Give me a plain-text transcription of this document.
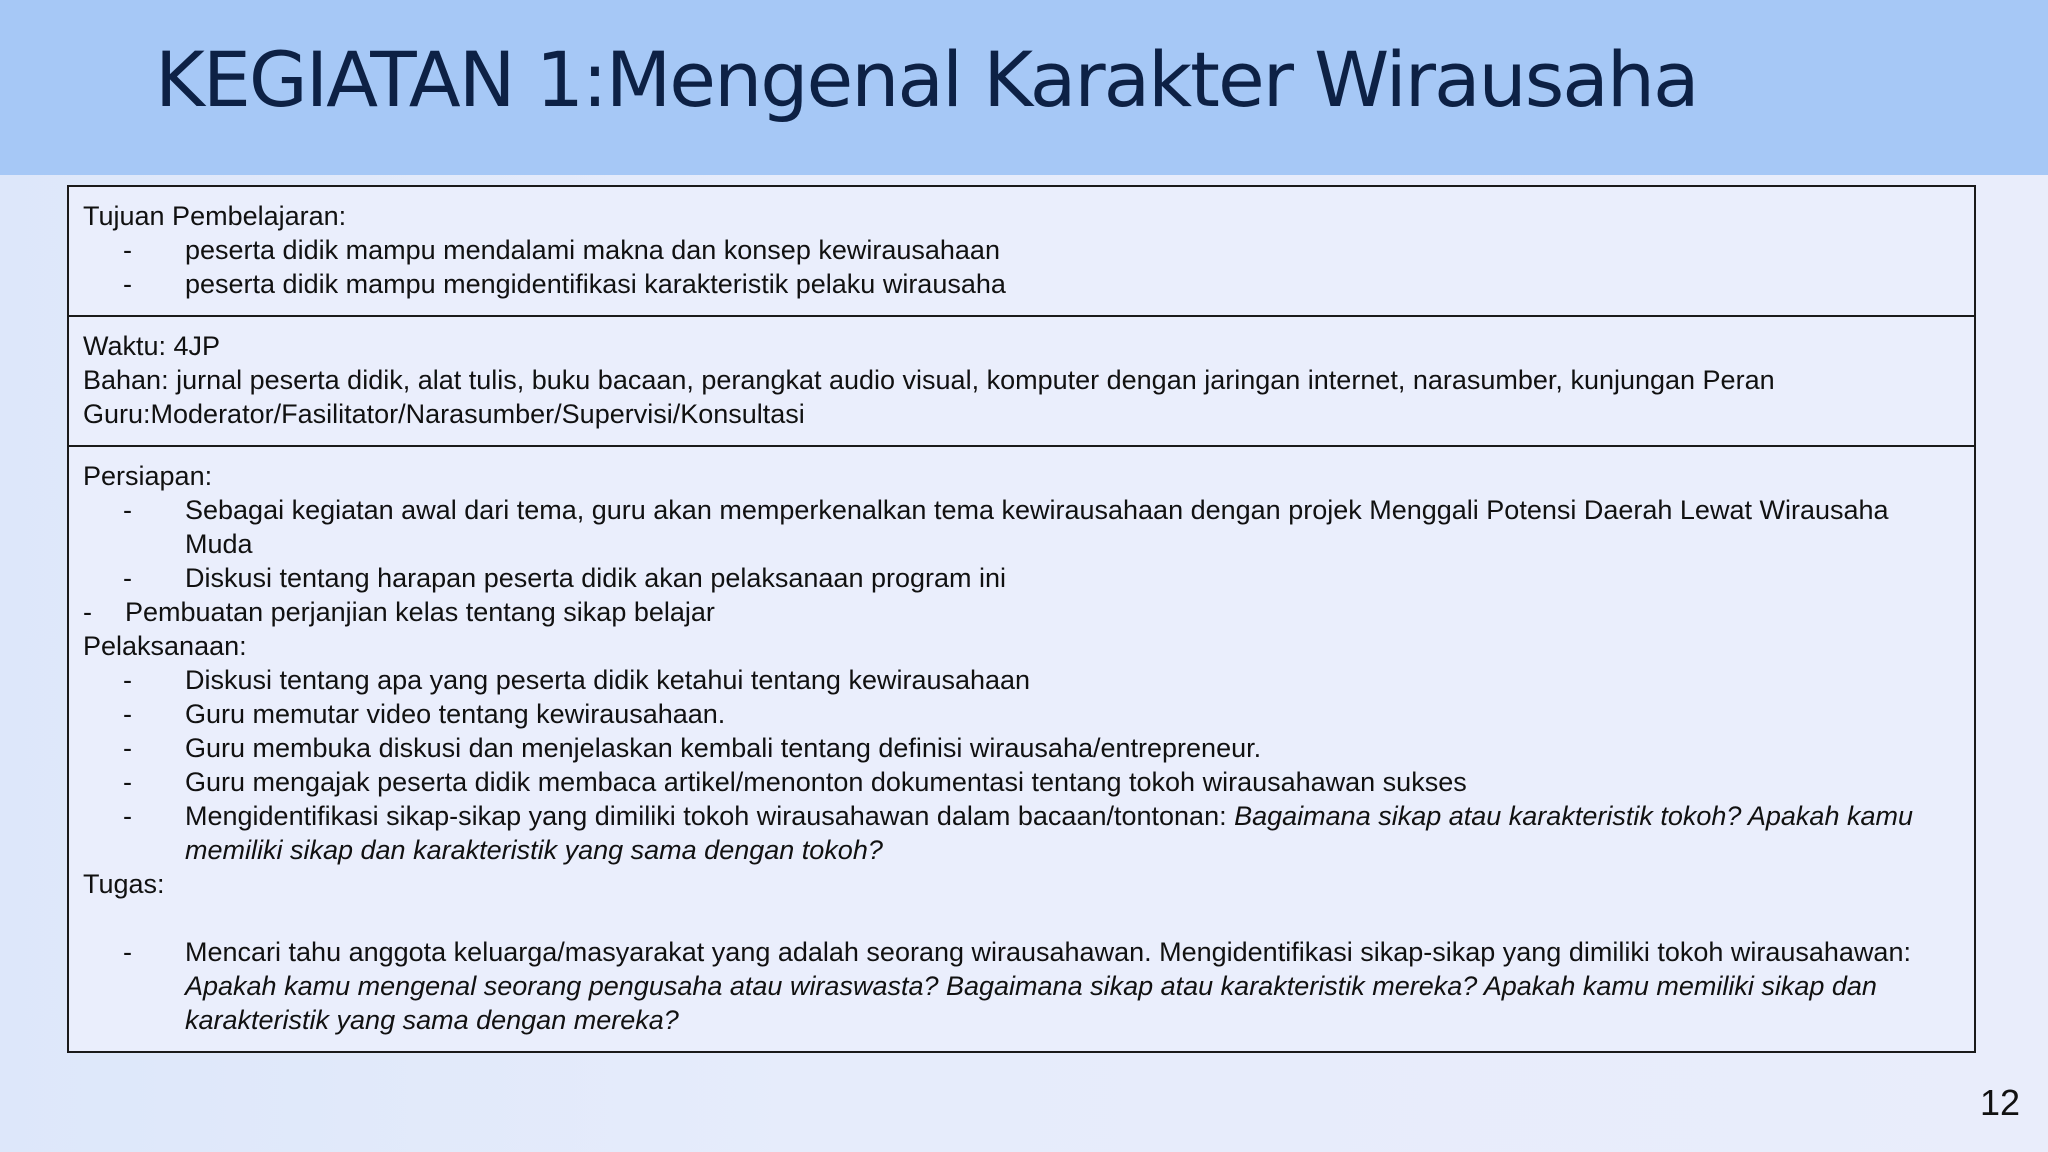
KEGIATAN 1:Mengenal Karakter Wirausaha
Tujuan Pembelajaran:
- peserta didik mampu mendalami makna dan konsep kewirausahaan
- peserta didik mampu mengidentifikasi karakteristik pelaku wirausaha
Waktu: 4JP
Bahan: jurnal peserta didik, alat tulis, buku bacaan, perangkat audio visual, komputer dengan jaringan internet, narasumber, kunjungan Peran
Guru:Moderator/Fasilitator/Narasumber/Supervisi/Konsultasi
Persiapan:
- Sebagai kegiatan awal dari tema, guru akan memperkenalkan tema kewirausahaan dengan projek Menggali Potensi Daerah Lewat Wirausaha Muda
- Diskusi tentang harapan peserta didik akan pelaksanaan program ini
- Pembuatan perjanjian kelas tentang sikap belajar
Pelaksanaan:
- Diskusi tentang apa yang peserta didik ketahui tentang kewirausahaan
- Guru memutar video tentang kewirausahaan.
- Guru membuka diskusi dan menjelaskan kembali tentang definisi wirausaha/entrepreneur.
- Guru mengajak peserta didik membaca artikel/menonton dokumentasi tentang tokoh wirausahawan sukses
- Mengidentifikasi sikap-sikap yang dimiliki tokoh wirausahawan dalam bacaan/tontonan: Bagaimana sikap atau karakteristik tokoh? Apakah kamu memiliki sikap dan karakteristik yang sama dengan tokoh?
Tugas:
- Mencari tahu anggota keluarga/masyarakat yang adalah seorang wirausahawan. Mengidentifikasi sikap-sikap yang dimiliki tokoh wirausahawan: Apakah kamu mengenal seorang pengusaha atau wiraswasta? Bagaimana sikap atau karakteristik mereka? Apakah kamu memiliki sikap dan karakteristik yang sama dengan mereka?
12
